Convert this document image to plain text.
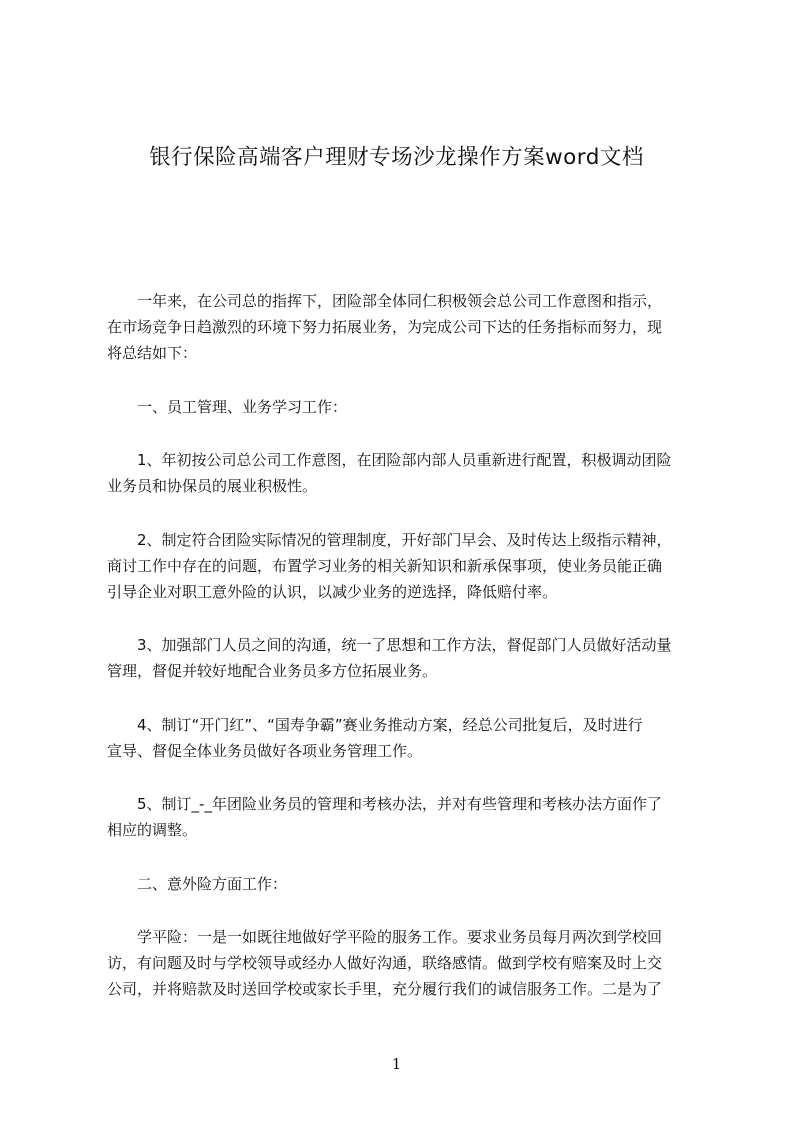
银行保险高端客户理财专场沙龙操作方案word文档
　　一年来，在公司总的指挥下，团险部全体同仁积极领会总公司工作意图和指示，
在市场竞争日趋激烈的环境下努力拓展业务，为完成公司下达的任务指标而努力，现
将总结如下：
　　一、员工管理、业务学习工作：
　　1、年初按公司总公司工作意图，在团险部内部人员重新进行配置，积极调动团险
业务员和协保员的展业积极性。
　　2、制定符合团险实际情况的管理制度，开好部门早会、及时传达上级指示精神，
商讨工作中存在的问题，布置学习业务的相关新知识和新承保事项，使业务员能正确
引导企业对职工意外险的认识，以减少业务的逆选择，降低赔付率。
　　3、加强部门人员之间的沟通，统一了思想和工作方法，督促部门人员做好活动量
管理，督促并较好地配合业务员多方位拓展业务。
　　4、制订“开门红”、“国寿争霸”赛业务推动方案，经总公司批复后，及时进行
宣导、督促全体业务员做好各项业务管理工作。
　　5、制订_-_年团险业务员的管理和考核办法，并对有些管理和考核办法方面作了
相应的调整。
　　二、意外险方面工作：
　　学平险：一是一如既往地做好学平险的服务工作。要求业务员每月两次到学校回
访，有问题及时与学校领导或经办人做好沟通，联络感情。做到学校有赔案及时上交
公司，并将赔款及时送回学校或家长手里，充分履行我们的诚信服务工作。二是为了
1
